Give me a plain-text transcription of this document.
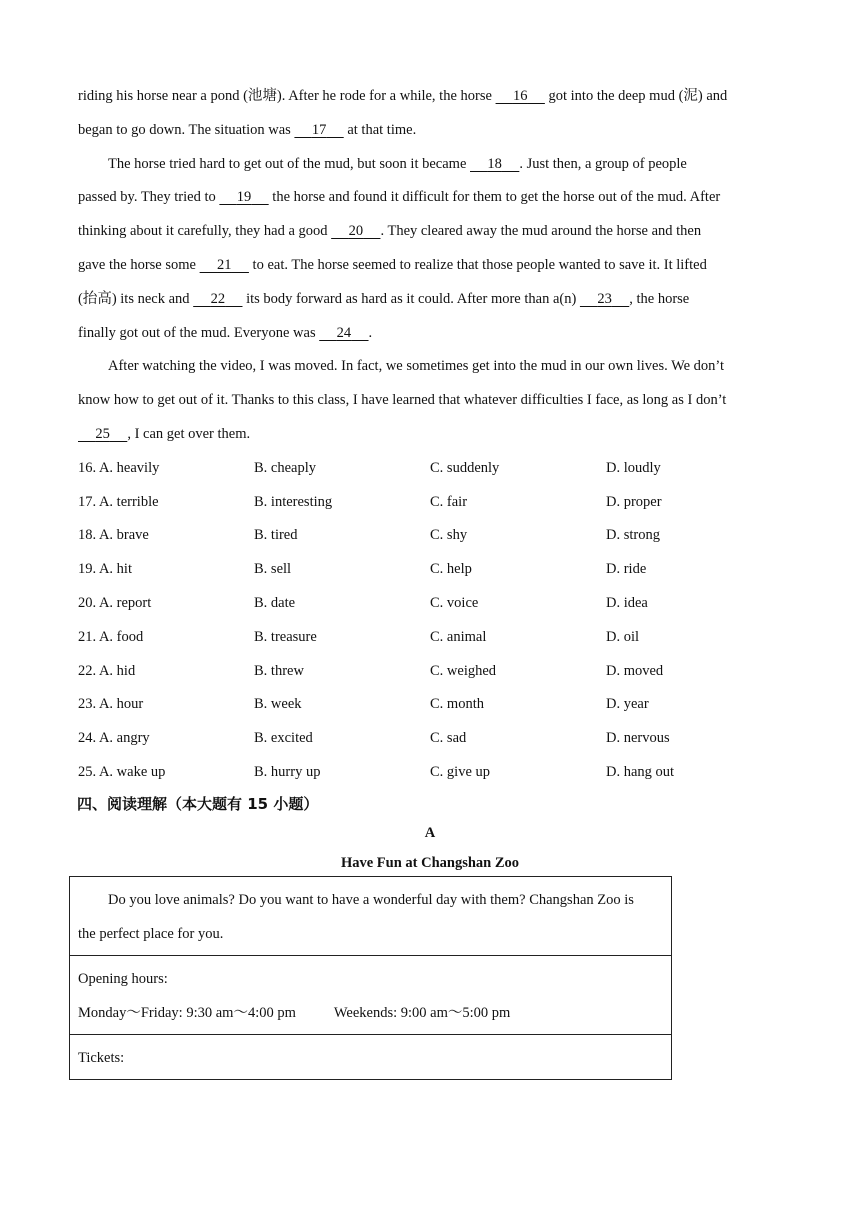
riding his horse near a pond (池塘). After he rode for a while, the horse    16    got into the deep mud (泥) and
began to go down. The situation was    17    at that time.
The horse tried hard to get out of the mud, but soon it became    18    . Just then, a group of people
passed by. They tried to    19    the horse and found it difficult for them to get the horse out of the mud. After
thinking about it carefully, they had a good    20    . They cleared away the mud around the horse and then
gave the horse some    21    to eat. The horse seemed to realize that those people wanted to save it. It lifted
(抬高) its neck and    22    its body forward as hard as it could. After more than a(n)    23    , the horse
finally got out of the mud. Everyone was    24    .
After watching the video, I was moved. In fact, we sometimes get into the mud in our own lives. We don’t
know how to get out of it. Thanks to this class, I have learned that whatever difficulties I face, as long as I don’t
   25    , I can get over them.
16. A. heavily	B. cheaply	C. suddenly	D. loudly
17. A. terrible	B. interesting	C. fair	D. proper
18. A. brave	B. tired	C. shy	D. strong
19. A. hit	B. sell	C. help	D. ride
20. A. report	B. date	C. voice	D. idea
21. A. food	B. treasure	C. animal	D. oil
22. A. hid	B. threw	C. weighed	D. moved
23. A. hour	B. week	C. month	D. year
24. A. angry	B. excited	C. sad	D. nervous
25. A. wake up	B. hurry up	C. give up	D. hang out
四、阅读理解（本大题有 15 小题）
A
Have Fun at Changshan Zoo
Do you love animals? Do you want to have a wonderful day with them? Changshan Zoo is
the perfect place for you.
Opening hours:
Monday～Friday: 9:30 am～4:00 pm	Weekends: 9:00 am～5:00 pm
Tickets:
